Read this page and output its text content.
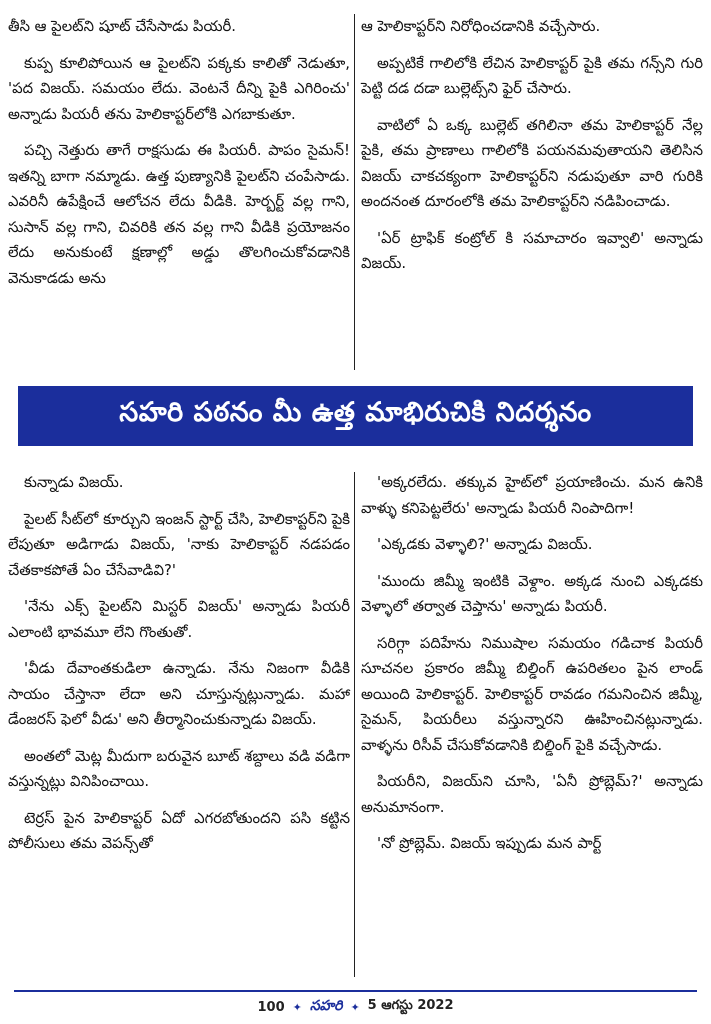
తీసి ఆ పైలట్‌ని షూట్ చేసేసాడు పియరీ.

కుప్ప కూలిపోయిన ఆ పైలట్‌ని పక్కకు కాలితో నెడుతూ, 'పద విజయ్. సమయం లేదు. వెంటనే దీన్ని పైకి ఎగిరించు' అన్నాడు పియరీ తను హెలికాప్టర్‌లోకి ఎగబాకుతూ.

పచ్చి నెత్తురు తాగే రాక్షసుడు ఈ పియరీ. పాపం సైమన్! ఇతన్ని బాగా నమ్మాడు. ఉత్త పుణ్యానికి పైలట్‌ని చంపేసాడు. ఎవరినీ ఉపేక్షించే ఆలోచన లేదు వీడికి. హెర్బర్ట్ వల్ల గాని, సుసాన్ వల్ల గాని, చివరికి తన వల్ల గాని వీడికి ప్రయోజనం లేదు అనుకుంటే క్షణాల్లో అడ్డు తొలగించుకోవడానికి వెనుకాడడు అను

ఆ హెలికాప్టర్‌ని నిరోధించడానికి వచ్చేసారు.

అప్పటికే గాలిలోకి లేచిన హెలికాప్టర్ పైకి తమ గన్స్‌ని గురి పెట్టి దడ దడా బుల్లెట్స్‌ని ఫైర్ చేసారు.

వాటిలో ఏ ఒక్క బుల్లెట్ తగిలినా తమ హెలికాప్టర్ నేల్ల పైకి, తమ ప్రాణాలు గాలిలోకి పయనమవుతాయని తెలిసిన విజయ్ చాకచక్యంగా హెలికాప్టర్‌ని నడుపుతూ వారి గురికి అందనంత దూరంలోకి తమ హెలికాప్టర్‌ని నడిపించాడు.

'ఏర్ ట్రాఫిక్ కంట్రోల్ కి సమాచారం ఇవ్వాలి' అన్నాడు విజయ్.

సహరి పఠనం మీ ఉత్త మాభిరుచికి నిదర్శనం

కున్నాడు విజయ్.

పైలట్ సీట్‌లో కూర్చుని ఇంజన్ స్టార్ట్ చేసి, హెలికాప్టర్‌ని పైకి లేపుతూ అడిగాడు విజయ్, 'నాకు హెలికాప్టర్ నడపడం చేతకాకపోతే ఏం చేసేవాడివి?'

'నేను ఎక్స్ పైలట్‌ని మిస్టర్ విజయ్' అన్నాడు పియరీ ఎలాంటి భావమూ లేని గొంతుతో.

'వీడు దేవాంతకుడిలా ఉన్నాడు. నేను నిజంగా వీడికి సాయం చేస్తానా లేదా అని చూస్తున్నట్లున్నాడు. మహా డేంజరస్ ఫెలో వీడు' అని తీర్మానించుకున్నాడు విజయ్.

అంతలో మెట్ల మీదుగా బరువైన బూట్ శబ్దాలు వడి వడిగా వస్తున్నట్లు వినిపించాయి.

టెర్రస్ పైన హెలికాప్టర్ ఏదో ఎగరబోతుందని పసి కట్టిన పోలీసులు తమ వెపన్స్‌తో

'అక్కరలేదు. తక్కువ హైట్‌లో ప్రయాణించు. మన ఉనికి వాళ్ళు కనిపెట్టలేరు' అన్నాడు పియరీ నింపాదిగా!

'ఎక్కడకు వెళ్ళాలి?' అన్నాడు విజయ్.

'ముందు జిమ్మీ ఇంటికి వెళ్దాం. అక్కడ నుంచి ఎక్కడకు వెళ్ళాలో తర్వాత చెప్తాను' అన్నాడు పియరీ.

సరిగ్గా పదిహేను నిముషాల సమయం గడిచాక పియరీ సూచనల ప్రకారం జిమ్మీ బిల్డింగ్ ఉపరితలం పైన లాండ్ అయింది హెలికాప్టర్. హెలికాప్టర్ రావడం గమనించిన జిమ్మీ, సైమన్, పియరీలు వస్తున్నారని ఊహించినట్లున్నాడు. వాళ్ళను రిసీవ్ చేసుకోవడానికి బిల్డింగ్ పైకి వచ్చేసాడు.

పియరీని, విజయ్‌ని చూసి, 'ఏనీ ప్రోబ్లెమ్?' అన్నాడు అనుమానంగా.

'నో ప్రోబ్లెమ్. విజయ్ ఇప్పుడు మన పార్ట్

100 ✦ సహరి ✦ 5 ఆగస్టు 2022
